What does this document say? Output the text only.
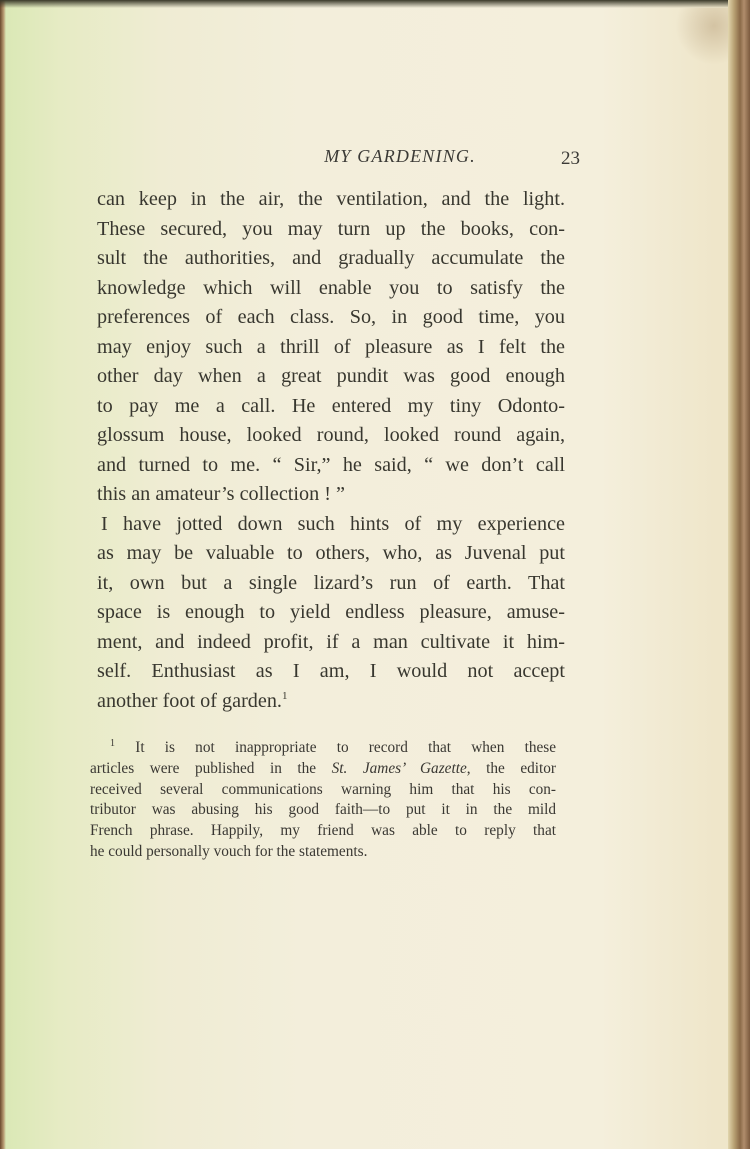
MY GARDENING.	23
can keep in the air, the ventilation, and the light.
These secured, you may turn up the books, con-
sult the authorities, and gradually accumulate the
knowledge which will enable you to satisfy the
preferences of each class. So, in good time, you
may enjoy such a thrill of pleasure as I felt the
other day when a great pundit was good enough
to pay me a call. He entered my tiny Odonto-
glossum house, looked round, looked round again,
and turned to me. “ Sir,” he said, “ we don’t call
this an amateur’s collection ! ”
I have jotted down such hints of my experience
as may be valuable to others, who, as Juvenal put
it, own but a single lizard’s run of earth. That
space is enough to yield endless pleasure, amuse-
ment, and indeed profit, if a man cultivate it him-
self. Enthusiast as I am, I would not accept
another foot of garden.$^1$
$^1$ It is not inappropriate to record that when these
articles were published in the St. James’ Gazette, the editor
received several communications warning him that his con-
tributor was abusing his good faith—to put it in the mild
French phrase. Happily, my friend was able to reply that
he could personally vouch for the statements.
